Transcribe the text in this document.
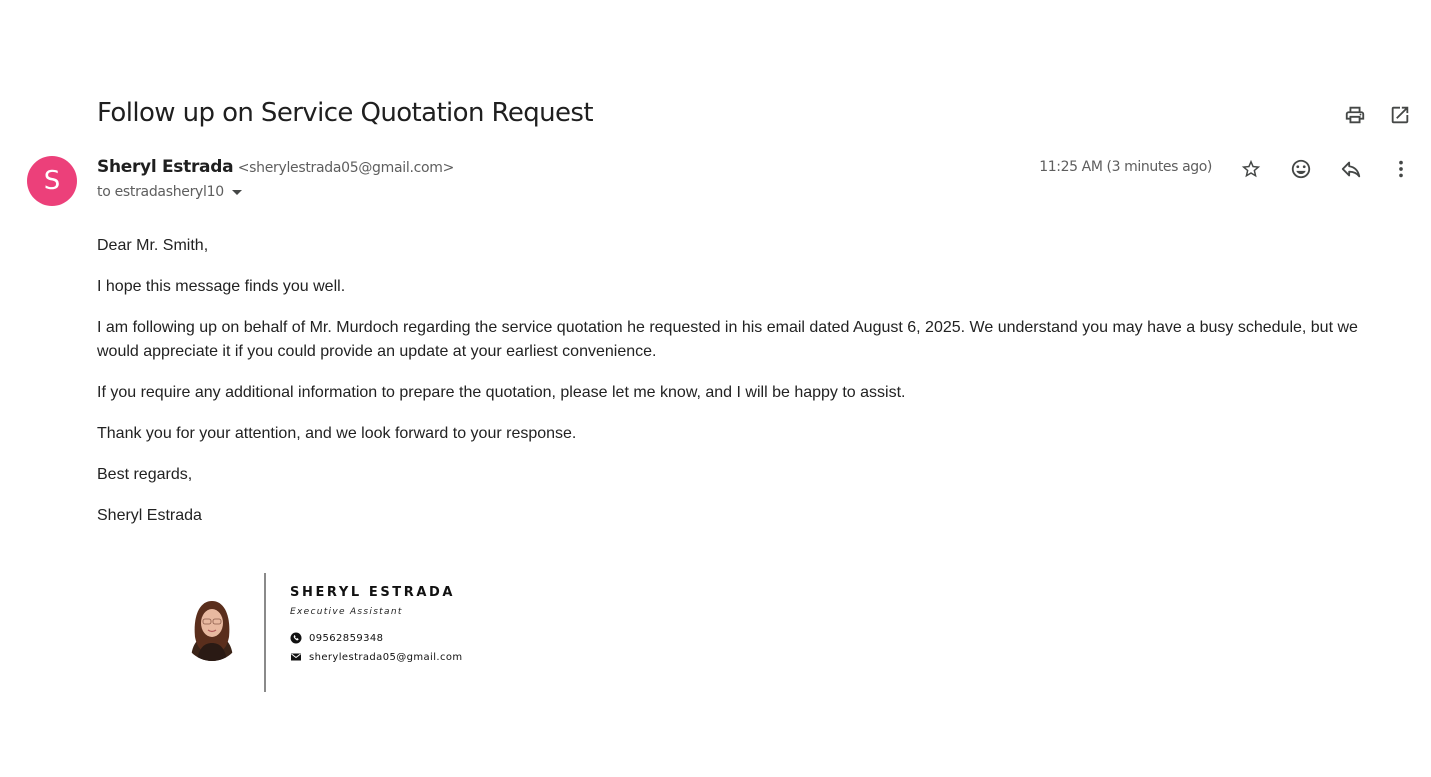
Follow up on Service Quotation Request
S	Sheryl Estrada <sherylestrada05@gmail.com>
to estradasheryl10
11:25 AM (3 minutes ago)

Dear Mr. Smith,

I hope this message finds you well.

I am following up on behalf of Mr. Murdoch regarding the service quotation he requested in his email dated August 6, 2025. We understand you may have a busy schedule, but we would appreciate it if you could provide an update at your earliest convenience.

If you require any additional information to prepare the quotation, please let me know, and I will be happy to assist.

Thank you for your attention, and we look forward to your response.

Best regards,

Sheryl Estrada

SHERYL ESTRADA
Executive Assistant
09562859348
sherylestrada05@gmail.com
